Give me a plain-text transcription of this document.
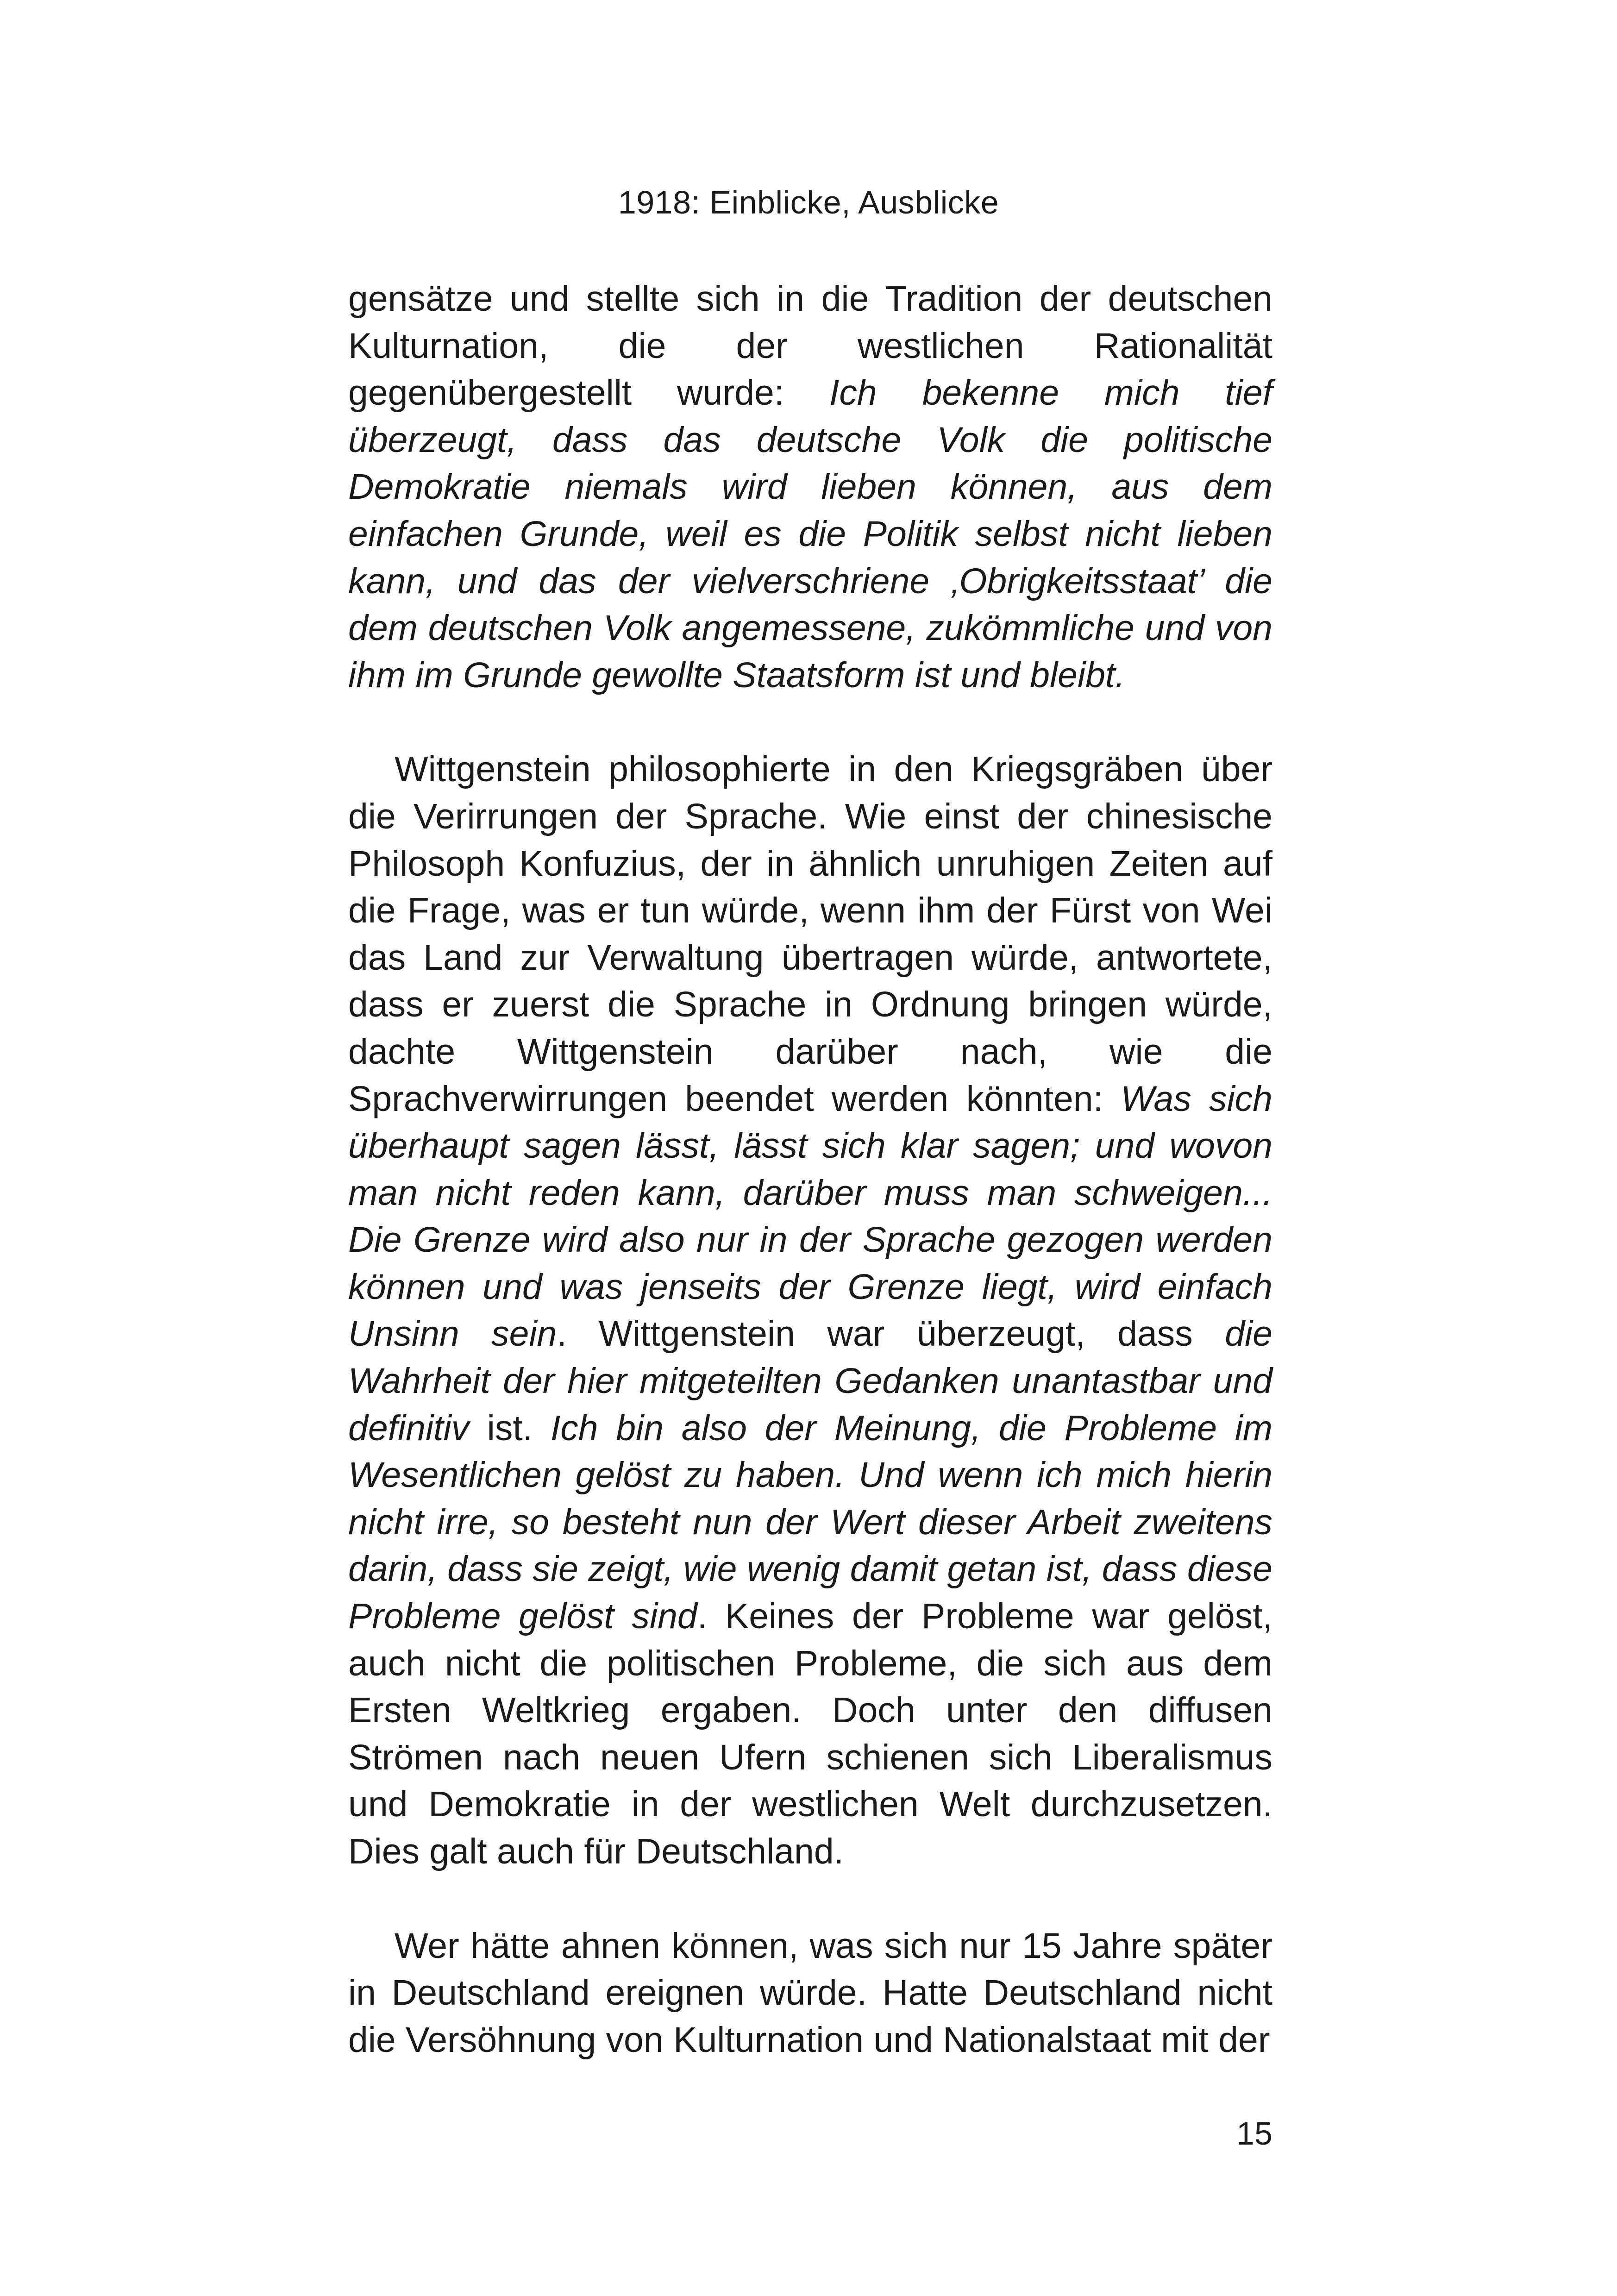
1918: Einblicke, Ausblicke

gensätze und stellte sich in die Tradition der deutschen Kulturnation, die der westlichen Rationalität gegenübergestellt wurde: Ich bekenne mich tief überzeugt, dass das deutsche Volk die politische Demokratie niemals wird lieben können, aus dem einfachen Grunde, weil es die Politik selbst nicht lieben kann, und das der vielverschriene ‚Obrigkeitsstaat’ die dem deutschen Volk angemessene, zukömmliche und von ihm im Grunde gewollte Staatsform ist und bleibt.

Wittgenstein philosophierte in den Kriegsgräben über die Verirrungen der Sprache. Wie einst der chinesische Philosoph Konfuzius, der in ähnlich unruhigen Zeiten auf die Frage, was er tun würde, wenn ihm der Fürst von Wei das Land zur Verwaltung übertragen würde, antwortete, dass er zuerst die Sprache in Ordnung bringen würde, dachte Wittgenstein darüber nach, wie die Sprachverwirrungen beendet werden könnten: Was sich überhaupt sagen lässt, lässt sich klar sagen; und wovon man nicht reden kann, darüber muss man schweigen... Die Grenze wird also nur in der Sprache gezogen werden können und was jenseits der Grenze liegt, wird einfach Unsinn sein. Wittgenstein war überzeugt, dass die Wahrheit der hier mitgeteilten Gedanken unantastbar und definitiv ist. Ich bin also der Meinung, die Probleme im Wesentlichen gelöst zu haben. Und wenn ich mich hierin nicht irre, so besteht nun der Wert dieser Arbeit zweitens darin, dass sie zeigt, wie wenig damit getan ist, dass diese Probleme gelöst sind. Keines der Probleme war gelöst, auch nicht die politischen Probleme, die sich aus dem Ersten Weltkrieg ergaben. Doch unter den diffusen Strömen nach neuen Ufern schienen sich Liberalismus und Demokratie in der westlichen Welt durchzusetzen. Dies galt auch für Deutschland.

Wer hätte ahnen können, was sich nur 15 Jahre später in Deutschland ereignen würde. Hatte Deutschland nicht die Versöhnung von Kulturnation und Nationalstaat mit der

15
